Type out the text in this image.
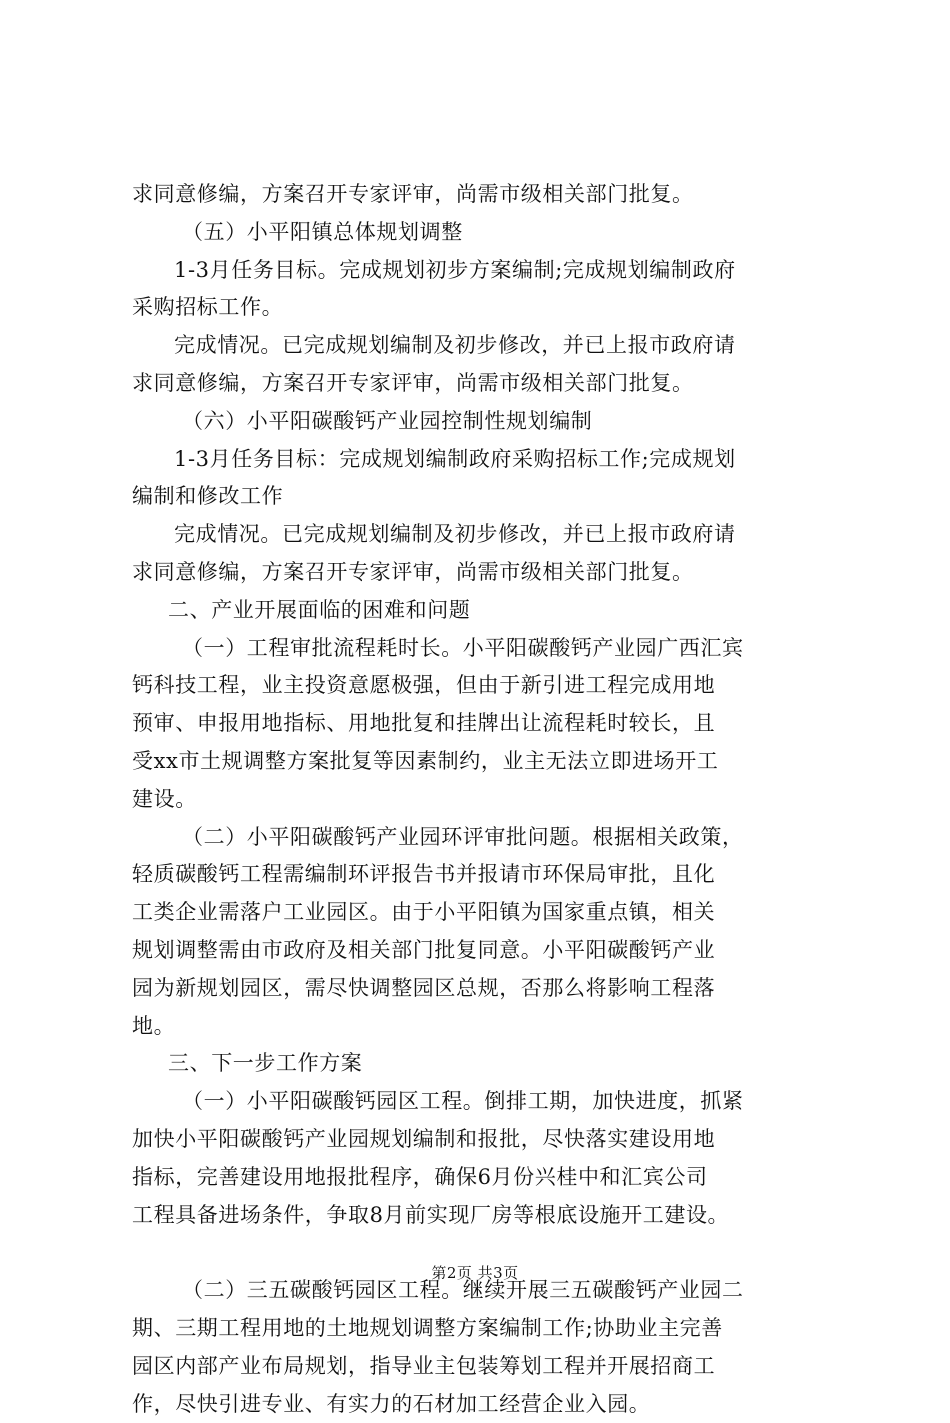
求同意修编，方案召开专家评审，尚需市级相关部门批复。
（五）小平阳镇总体规划调整
1-3月任务目标。完成规划初步方案编制;完成规划编制政府
采购招标工作。
完成情况。已完成规划编制及初步修改，并已上报市政府请
求同意修编，方案召开专家评审，尚需市级相关部门批复。
（六）小平阳碳酸钙产业园控制性规划编制
1-3月任务目标：完成规划编制政府采购招标工作;完成规划
编制和修改工作
完成情况。已完成规划编制及初步修改，并已上报市政府请
求同意修编，方案召开专家评审，尚需市级相关部门批复。
二、产业开展面临的困难和问题
（一）工程审批流程耗时长。小平阳碳酸钙产业园广西汇宾
钙科技工程，业主投资意愿极强，但由于新引进工程完成用地
预审、申报用地指标、用地批复和挂牌出让流程耗时较长，且
受xx市土规调整方案批复等因素制约，业主无法立即进场开工
建设。
（二）小平阳碳酸钙产业园环评审批问题。根据相关政策，
轻质碳酸钙工程需编制环评报告书并报请市环保局审批，且化
工类企业需落户工业园区。由于小平阳镇为国家重点镇，相关
规划调整需由市政府及相关部门批复同意。小平阳碳酸钙产业
园为新规划园区，需尽快调整园区总规，否那么将影响工程落
地。
三、下一步工作方案
（一）小平阳碳酸钙园区工程。倒排工期，加快进度，抓紧
加快小平阳碳酸钙产业园规划编制和报批，尽快落实建设用地
指标，完善建设用地报批程序，确保6月份兴桂中和汇宾公司
工程具备进场条件，争取8月前实现厂房等根底设施开工建设。
（二）三五碳酸钙园区工程。继续开展三五碳酸钙产业园二
期、三期工程用地的土地规划调整方案编制工作;协助业主完善
园区内部产业布局规划，指导业主包装筹划工程并开展招商工
作，尽快引进专业、有实力的石材加工经营企业入园。
第2页 共3页
